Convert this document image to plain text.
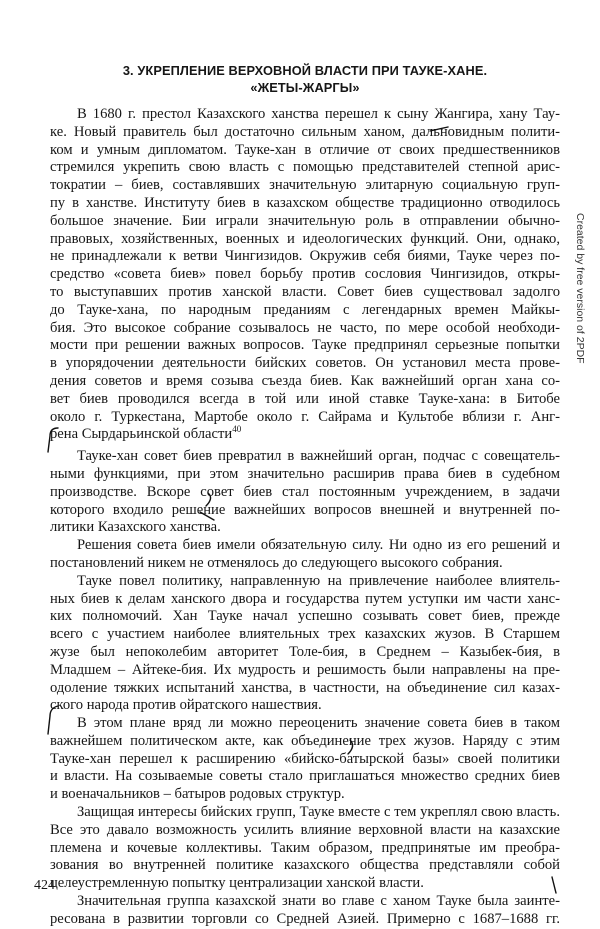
3. УКРЕПЛЕНИЕ ВЕРХОВНОЙ ВЛАСТИ ПРИ ТАУКЕ-ХАНЕ.
«ЖЕТЫ-ЖАРГЫ»
В 1680 г. престол Казахского ханства перешел к сыну Жангира, хану Тау-
ке. Новый правитель был достаточно сильным ханом, дальновидным полити-
ком и умным дипломатом. Тауке-хан в отличие от своих предшественников
стремился укрепить свою власть с помощью представителей степной арис-
тократии – биев, составлявших значительную элитарную социальную груп-
пу в ханстве. Институту биев в казахском обществе традиционно отводилось
большое значение. Бии играли значительную роль в отправлении обычно-
правовых, хозяйственных, военных и идеологических функций. Они, однако,
не принадлежали к ветви Чингизидов. Окружив себя биями, Тауке через по-
средство «совета биев» повел борьбу против сословия Чингизидов, откры-
то выступавших против ханской власти. Совет биев существовал задолго
до Тауке-хана, по народным преданиям с легендарных времен Майкы-
бия. Это высокое собрание созывалось не часто, по мере особой необходи-
мости при решении важных вопросов. Тауке предпринял серьезные попытки
в упорядочении деятельности бийских советов. Он установил места прове-
дения советов и время созыва съезда биев. Как важнейший орган хана со-
вет биев проводился всегда в той или иной ставке Тауке-хана: в Битобе
около г. Туркестана, Мартобе около г. Сайрама и Культобе вблизи г. Анг-
рена Сырдарьинской области$^{40}$
Тауке-хан совет биев превратил в важнейший орган, подчас с совещатель-
ными функциями, при этом значительно расширив права биев в судебном
производстве. Вскоре совет биев стал постоянным учреждением, в задачи
которого входило решение важнейших вопросов внешней и внутренней по-
литики Казахского ханства.
Решения совета биев имели обязательную силу. Ни одно из его решений и
постановлений никем не отменялось до следующего высокого собрания.
Тауке повел политику, направленную на привлечение наиболее влиятель-
ных биев к делам ханского двора и государства путем уступки им части ханс-
ких полномочий. Хан Тауке начал успешно созывать совет биев, прежде
всего с участием наиболее влиятельных трех казахских жузов. В Старшем
жузе был непоколебим авторитет Толе-бия, в Среднем – Казыбек-бия, в
Младшем – Айтеке-бия. Их мудрость и решимость были направлены на пре-
одоление тяжких испытаний ханства, в частности, на объединение сил казах-
ского народа против ойратского нашествия.
В этом плане вряд ли можно переоценить значение совета биев в таком
важнейшем политическом акте, как объединение трех жузов. Наряду с этим
Тауке-хан перешел к расширению «бийско-батырской базы» своей политики
и власти. На созываемые советы стало приглашаться множество средних биев
и военачальников – батыров родовых структур.
Защищая интересы бийских групп, Тауке вместе с тем укреплял свою власть.
Все это давало возможность усилить влияние верховной власти на казахские
племена и кочевые коллективы. Таким образом, предпринятые им преобра-
зования во внутренней политике казахского общества представляли собой
целеустремленную попытку централизации ханской власти.
Значительная группа казахской знати во главе с ханом Тауке была заинте-
ресована в развитии торговли со Средней Азией. Примерно с 1687–1688 гг.
Created by free version of 2PDF
424
